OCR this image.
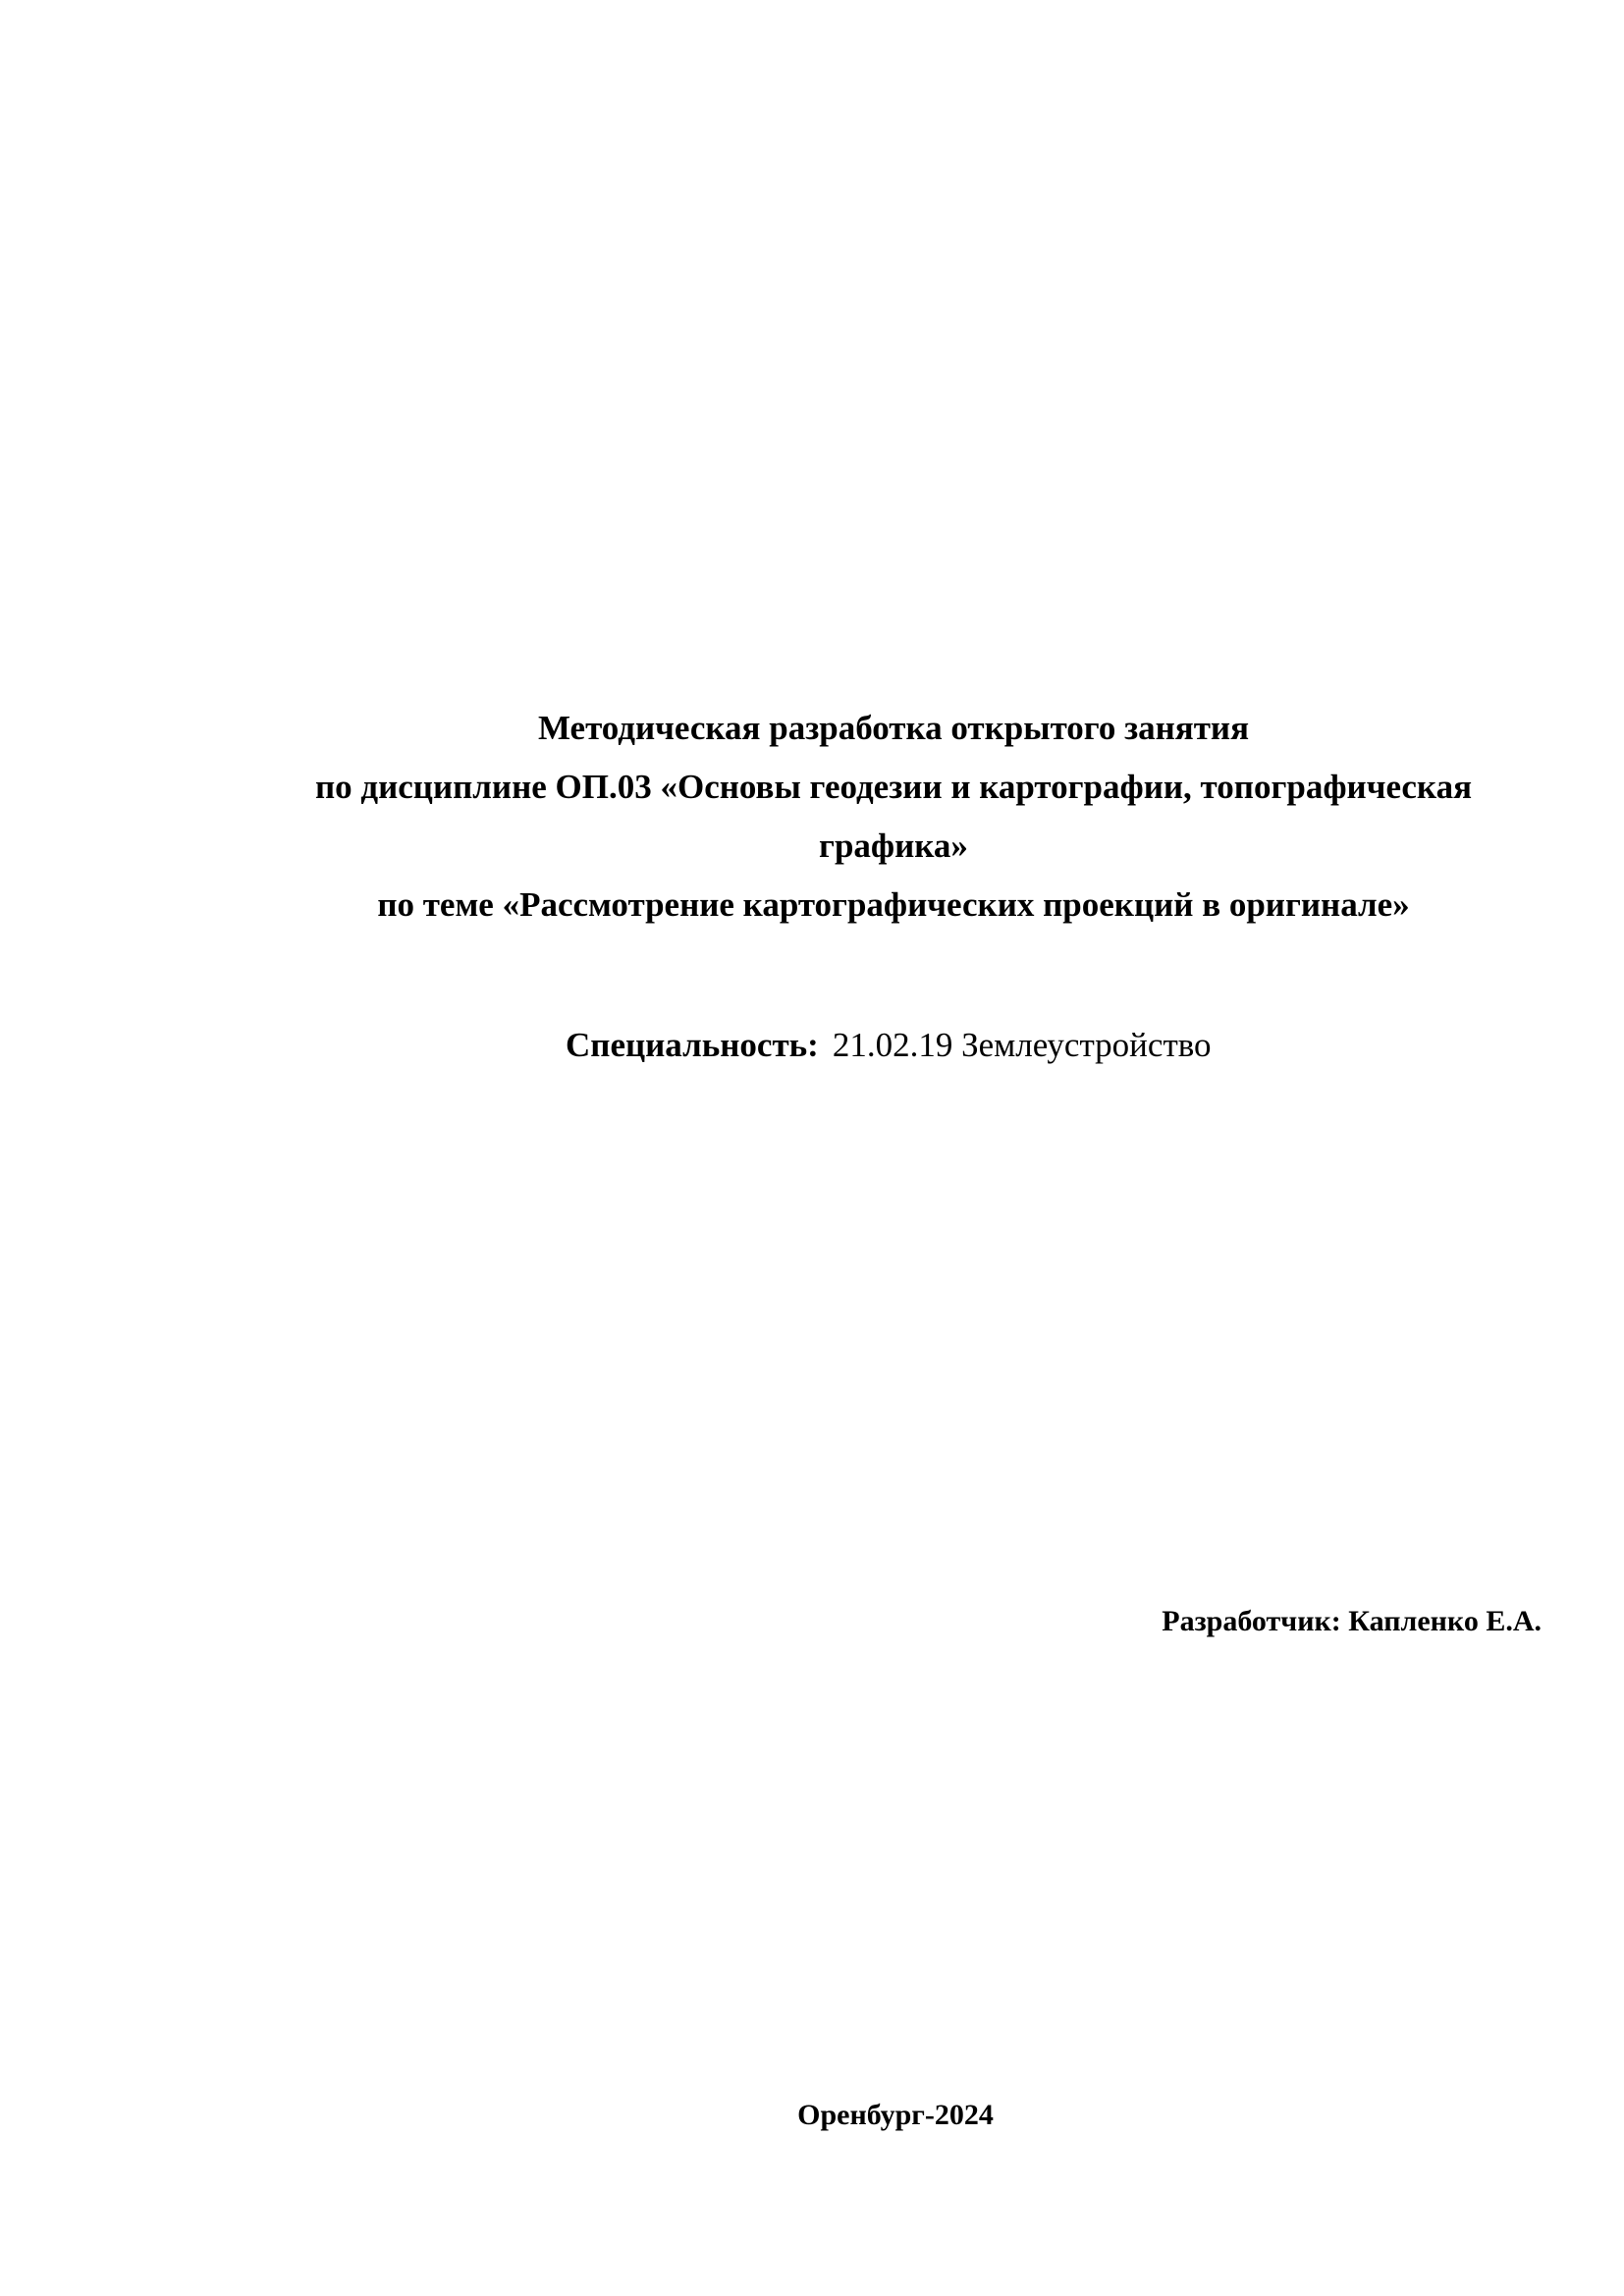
Методическая разработка открытого занятия
по дисциплине ОП.03 «Основы геодезии и картографии, топографическая
графика»
по теме «Рассмотрение картографических проекций в оригинале»
Специальность: 21.02.19 Землеустройство
Разработчик: Капленко Е.А.
Оренбург-2024
